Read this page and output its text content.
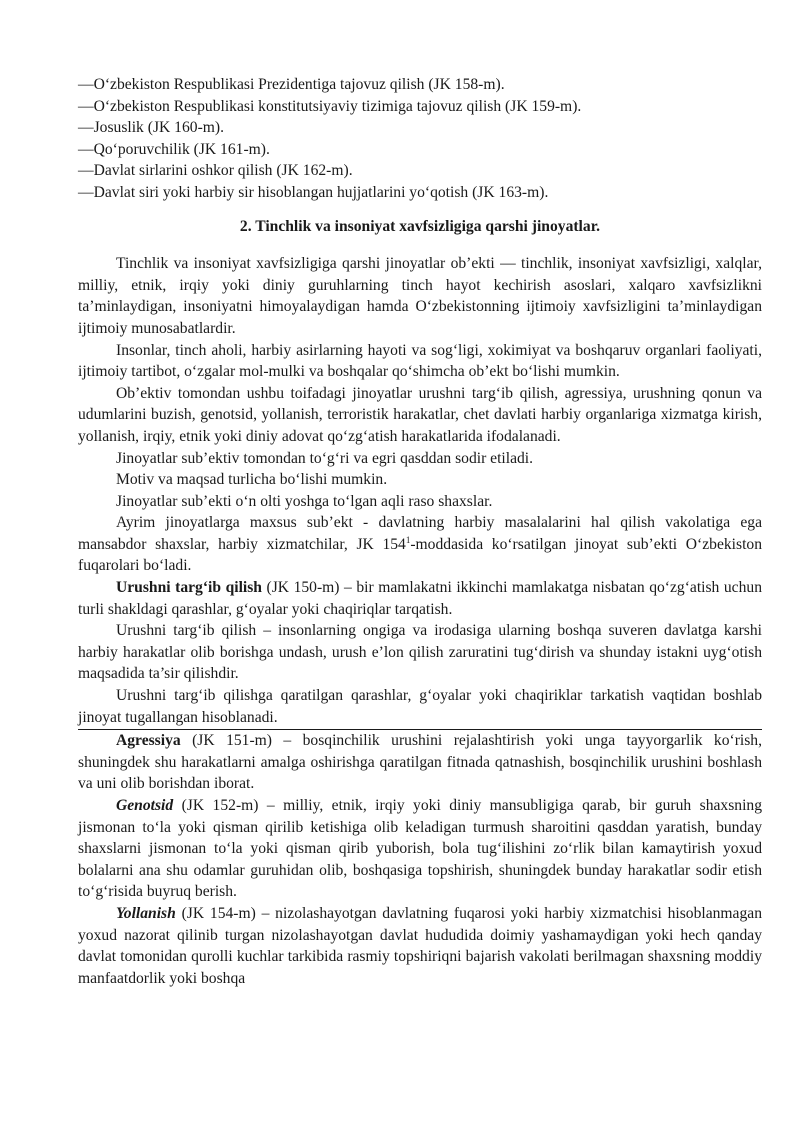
—O‘zbekiston Respublikasi Prezidentiga tajovuz qilish (JK 158-m).

—O‘zbekiston Respublikasi konstitutsiyaviy tizimiga tajovuz qilish (JK 159-m).

—Josuslik (JK 160-m).

—Qo‘poruvchilik (JK 161-m).

—Davlat sirlarini oshkor qilish (JK 162-m).

—Davlat siri yoki harbiy sir hisoblangan hujjatlarini yo‘qotish (JK 163-m).

2. Tinchlik va insoniyat xavfsizligiga qarshi jinoyatlar.

Tinchlik va insoniyat xavfsizligiga qarshi jinoyatlar ob’ekti — tinchlik, insoniyat xavfsizligi, xalqlar, milliy, etnik, irqiy yoki diniy guruhlarning tinch hayot kechirish asoslari, xalqaro xavfsizlikni ta’minlaydigan, insoniyatni himoyalaydigan hamda O‘zbekistonning ijtimoiy xavfsizligini ta’minlaydigan ijtimoiy munosabatlardir.

Insonlar, tinch aholi, harbiy asirlarning hayoti va sog‘ligi, xokimiyat va boshqaruv organlari faoliyati, ijtimoiy tartibot, o‘zgalar mol-mulki va boshqalar qo‘shimcha ob’ekt bo‘lishi mumkin.

Ob’ektiv tomondan ushbu toifadagi jinoyatlar urushni targ‘ib qilish, agressiya, urushning qonun va udumlarini buzish, genotsid, yollanish, terroristik harakatlar, chet davlati harbiy organlariga xizmatga kirish, yollanish, irqiy, etnik yoki diniy adovat qo‘zg‘atish harakatlarida ifodalanadi.

Jinoyatlar sub’ektiv tomondan to‘g‘ri va egri qasddan sodir etiladi.

Motiv va maqsad turlicha bo‘lishi mumkin.

Jinoyatlar sub’ekti o‘n olti yoshga to‘lgan aqli raso shaxslar.

Ayrim jinoyatlarga maxsus sub’ekt - davlatning harbiy masalalarini hal qilish vakolatiga ega mansabdor shaxslar, harbiy xizmatchilar, JK $154^1$-moddasida ko‘rsatilgan jinoyat sub’ekti O‘zbekiston fuqarolari bo‘ladi.

Urushni targ‘ib qilish (JK 150-m) – bir mamlakatni ikkinchi mamlakatga nisbatan qo‘zg‘atish uchun turli shakldagi qarashlar, g‘oyalar yoki chaqiriqlar tarqatish.

Urushni targ‘ib qilish – insonlarning ongiga va irodasiga ularning boshqa suveren davlatga karshi harbiy harakatlar olib borishga undash, urush e’lon qilish zaruratini tug‘dirish va shunday istakni uyg‘otish maqsadida ta’sir qilishdir.

Urushni targ‘ib qilishga qaratilgan qarashlar, g‘oyalar yoki chaqiriklar tarkatish vaqtidan boshlab jinoyat tugallangan hisoblanadi.

Agressiya (JK 151-m) – bosqinchilik urushini rejalashtirish yoki unga tayyorgarlik ko‘rish, shuningdek shu harakatlarni amalga oshirishga qaratilgan fitnada qatnashish, bosqinchilik urushini boshlash va uni olib borishdan iborat.

Genotsid (JK 152-m) – milliy, etnik, irqiy yoki diniy mansubligiga qarab, bir guruh shaxsning jismonan to‘la yoki qisman qirilib ketishiga olib keladigan turmush sharoitini qasddan yaratish, bunday shaxslarni jismonan to‘la yoki qisman qirib yuborish, bola tug‘ilishini zo‘rlik bilan kamaytirish yoxud bolalarni ana shu odamlar guruhidan olib, boshqasiga topshirish, shuningdek bunday harakatlar sodir etish to‘g‘risida buyruq berish.

Yollanish (JK 154-m) – nizolashayotgan davlatning fuqarosi yoki harbiy xizmatchisi hisoblanmagan yoxud nazorat qilinib turgan nizolashayotgan davlat hududida doimiy yashamaydigan yoki hech qanday davlat tomonidan qurolli kuchlar tarkibida rasmiy topshiriqni bajarish vakolati berilmagan shaxsning moddiy manfaatdorlik yoki boshqa
